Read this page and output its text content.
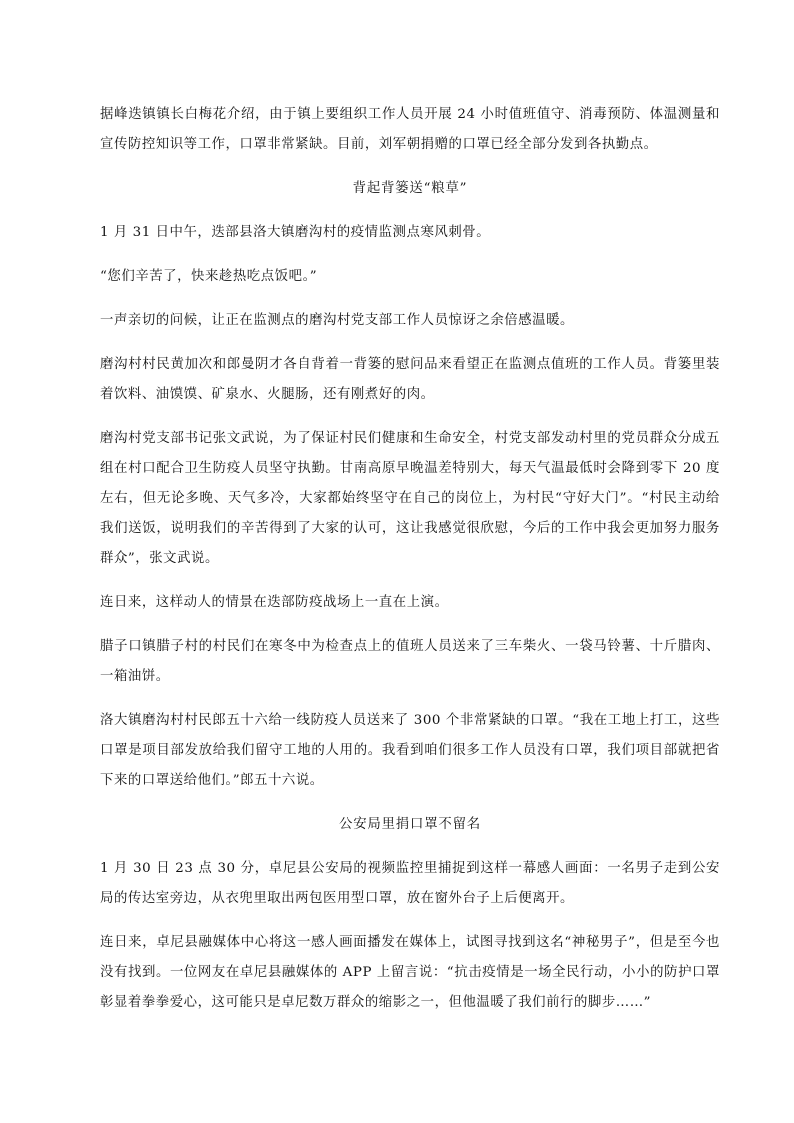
据峰迭镇镇长白梅花介绍，由于镇上要组织工作人员开展 24 小时值班值守、消毒预防、体温测量和宣传防控知识等工作，口罩非常紧缺。目前，刘军朝捐赠的口罩已经全部分发到各执勤点。

背起背篓送“粮草”

1 月 31 日中午，迭部县洛大镇磨沟村的疫情监测点寒风刺骨。

“您们辛苦了，快来趁热吃点饭吧。”

一声亲切的问候，让正在监测点的磨沟村党支部工作人员惊讶之余倍感温暖。

磨沟村村民黄加次和郎曼阴才各自背着一背篓的慰问品来看望正在监测点值班的工作人员。背篓里装着饮料、油馍馍、矿泉水、火腿肠，还有刚煮好的肉。

磨沟村党支部书记张文武说，为了保证村民们健康和生命安全，村党支部发动村里的党员群众分成五组在村口配合卫生防疫人员坚守执勤。甘南高原早晚温差特别大，每天气温最低时会降到零下 20 度左右，但无论多晚、天气多冷，大家都始终坚守在自己的岗位上，为村民“守好大门”。“村民主动给我们送饭，说明我们的辛苦得到了大家的认可，这让我感觉很欣慰，今后的工作中我会更加努力服务群众”，张文武说。

连日来，这样动人的情景在迭部防疫战场上一直在上演。

腊子口镇腊子村的村民们在寒冬中为检查点上的值班人员送来了三车柴火、一袋马铃薯、十斤腊肉、一箱油饼。

洛大镇磨沟村村民郎五十六给一线防疫人员送来了 300 个非常紧缺的口罩。“我在工地上打工，这些口罩是项目部发放给我们留守工地的人用的。我看到咱们很多工作人员没有口罩，我们项目部就把省下来的口罩送给他们。”郎五十六说。

公安局里捐口罩不留名

1 月 30 日 23 点 30 分，卓尼县公安局的视频监控里捕捉到这样一幕感人画面：一名男子走到公安局的传达室旁边，从衣兜里取出两包医用型口罩，放在窗外台子上后便离开。

连日来，卓尼县融媒体中心将这一感人画面播发在媒体上，试图寻找到这名“神秘男子”，但是至今也没有找到。一位网友在卓尼县融媒体的 APP 上留言说：“抗击疫情是一场全民行动，小小的防护口罩彰显着拳拳爱心，这可能只是卓尼数万群众的缩影之一，但他温暖了我们前行的脚步……”
